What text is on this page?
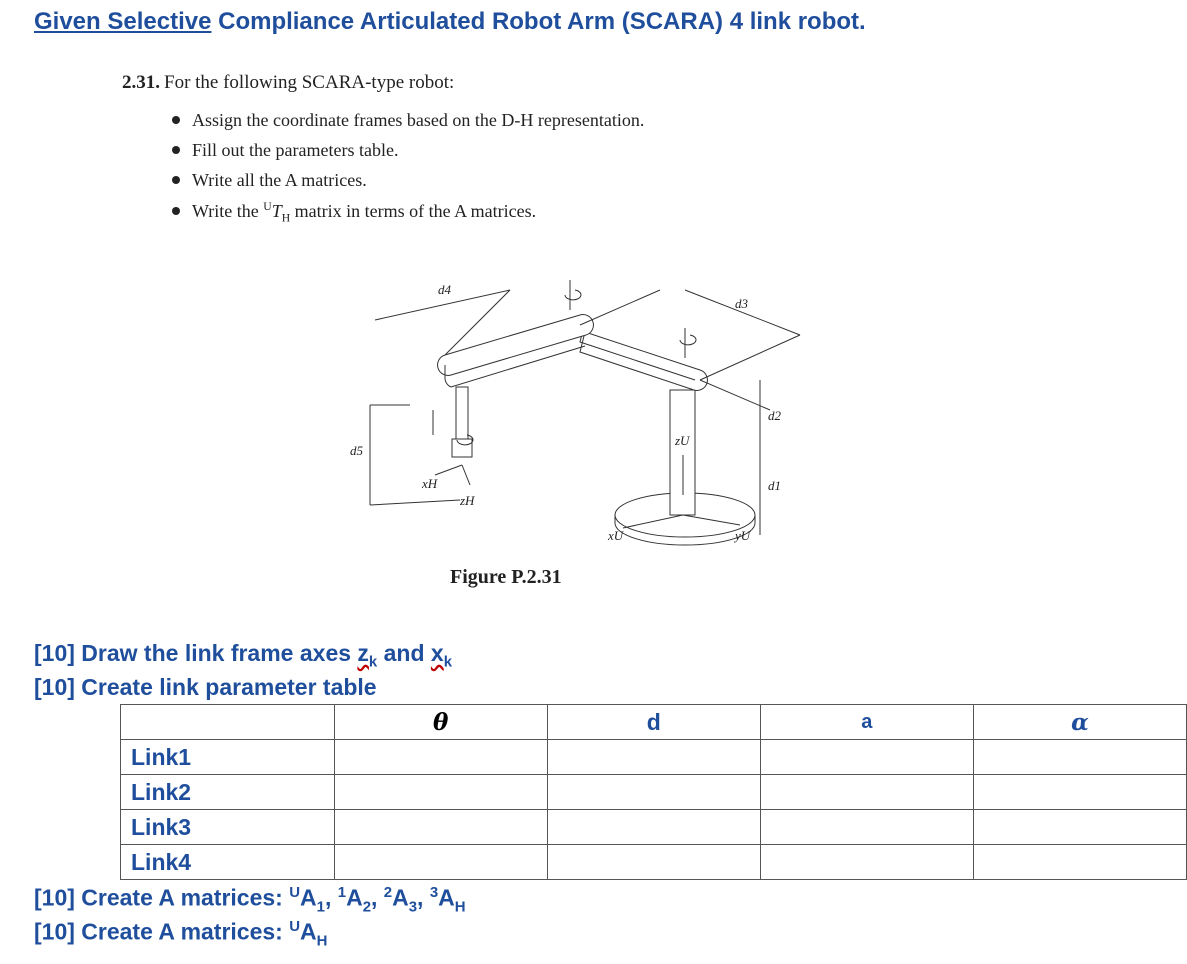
Given Selective Compliance Articulated Robot Arm (SCARA) 4 link robot.
2.31. For the following SCARA-type robot:
Assign the coordinate frames based on the D-H representation.
Fill out the parameters table.
Write all the A matrices.
Write the $^UT_H$ matrix in terms of the A matrices.
d4
d3
d2
d1
d5
xH
zH
zU
xU	yU
Figure P.2.31
[10] Draw the link frame axes $z_k$ and $x_k$
[10] Create link parameter table
	θ	d	a	α
Link1				
Link2				
Link3				
Link4				
[10] Create A matrices: $^UA_1$, $^1A_2$, $^2A_3$, $^3A_H$
[10] Create A matrices: $^UA_H$
